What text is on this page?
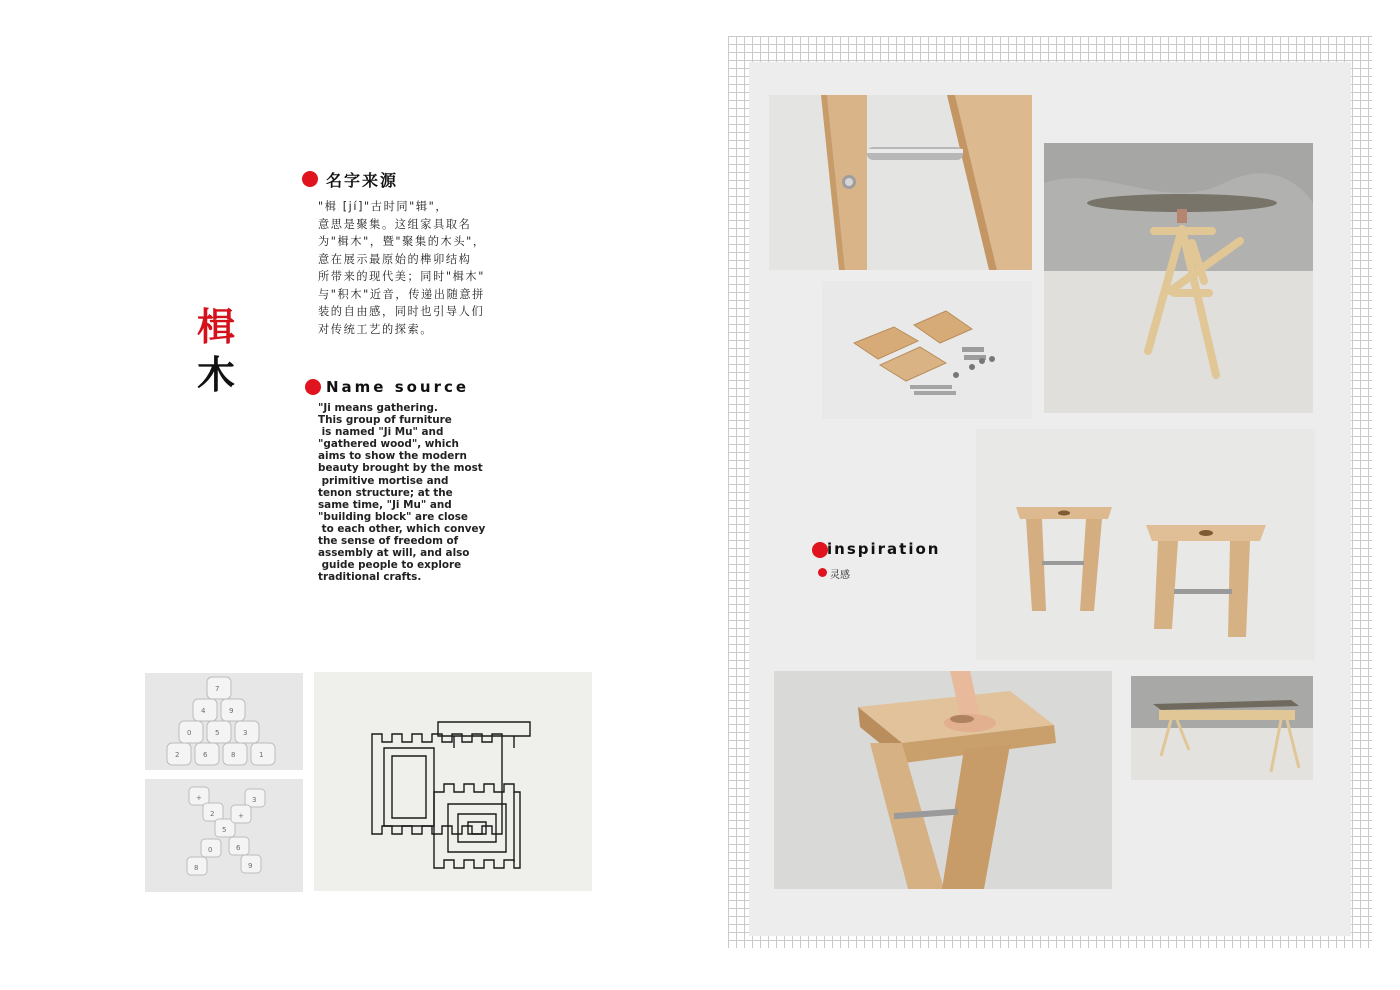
楫
木
名字来源
"楫 [jí]"古时同"辑"，
意思是聚集。这组家具取名
为"楫木"，暨"聚集的木头"，
意在展示最原始的榫卯结构
所带来的现代美；同时"楫木"
与"积木"近音，传递出随意拼
装的自由感，同时也引导人们
对传统工艺的探索。
Name source
"Ji means gathering.
This group of furniture
is named "Ji Mu" and
"gathered wood", which
aims to show the modern
beauty brought by the most
primitive mortise and
tenon structure; at the
same time, "Ji Mu" and
"building block" are close
to each other, which convey
the sense of freedom of
assembly at will, and also
guide people to explore
traditional crafts.
7
4	9
0	5	3
2	6	8	1
+
2
5
6
9
3
+
0
8
inspiration
灵感
